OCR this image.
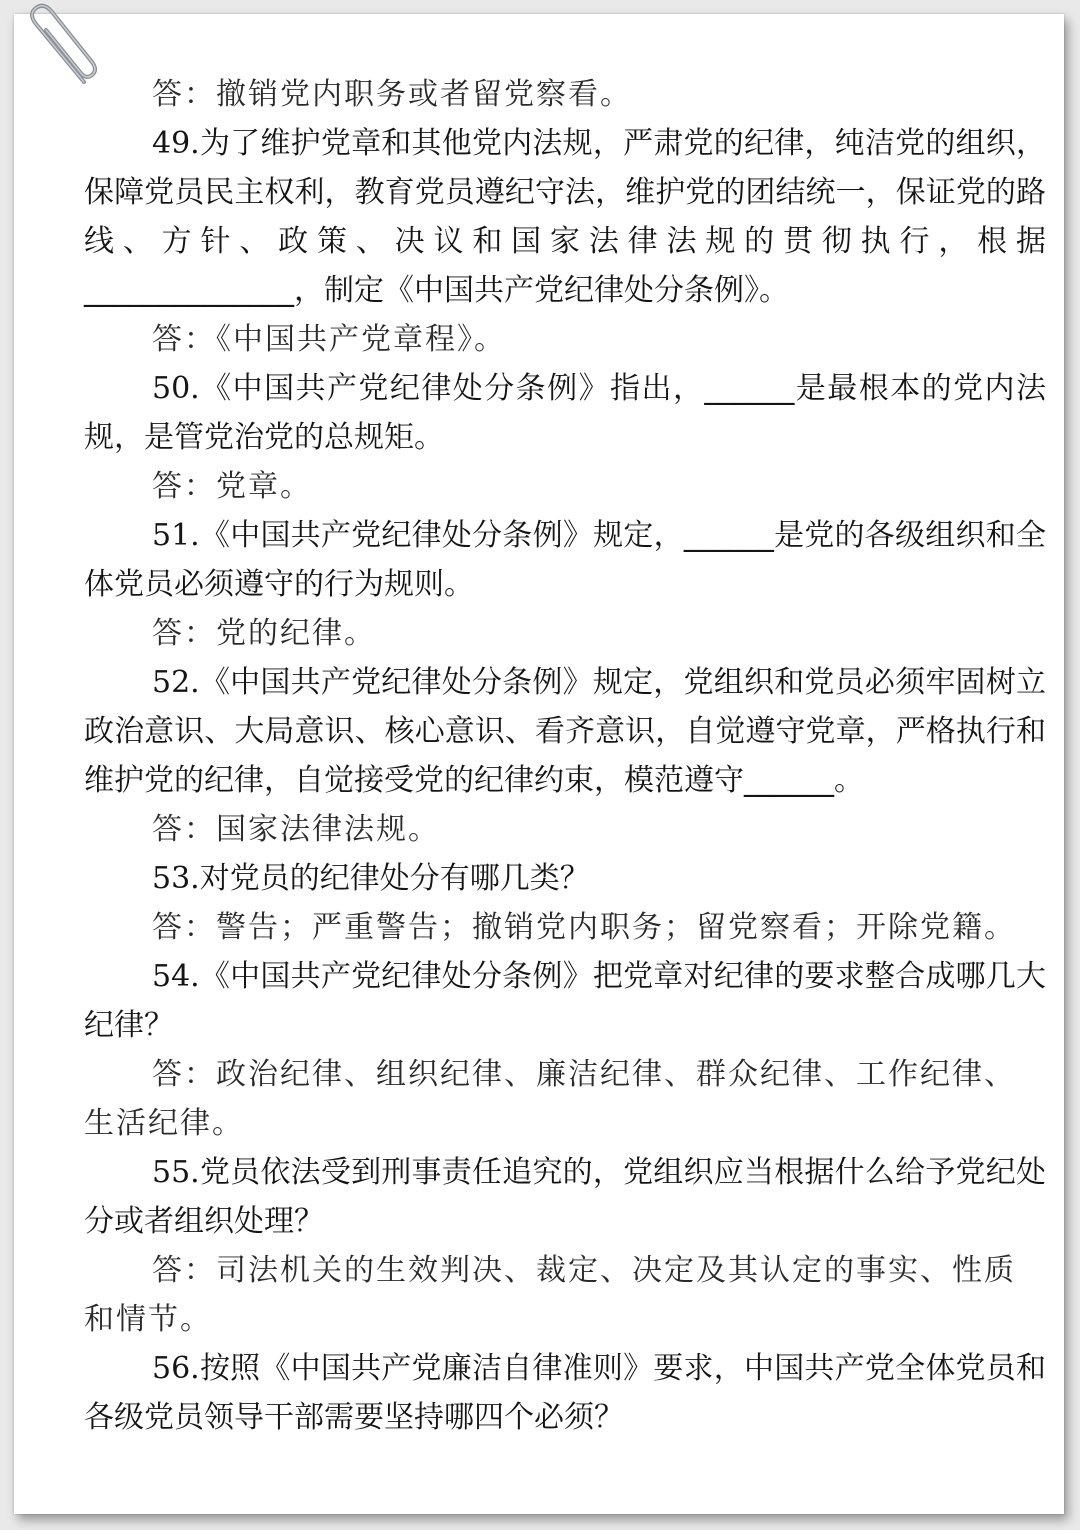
答：撤销党内职务或者留党察看。

49.为了维护党章和其他党内法规，严肃党的纪律，纯洁党的组织，保障党员民主权利，教育党员遵纪守法，维护党的团结统一，保证党的路线、方针、政策、决议和国家法律法规的贯彻执行，根据______________，制定《中国共产党纪律处分条例》。

答：《中国共产党章程》。

50.《中国共产党纪律处分条例》指出，______是最根本的党内法规，是管党治党的总规矩。

答：党章。

51.《中国共产党纪律处分条例》规定，______是党的各级组织和全体党员必须遵守的行为规则。

答：党的纪律。

52.《中国共产党纪律处分条例》规定，党组织和党员必须牢固树立政治意识、大局意识、核心意识、看齐意识，自觉遵守党章，严格执行和维护党的纪律，自觉接受党的纪律约束，模范遵守______。

答：国家法律法规。

53.对党员的纪律处分有哪几类？

答：警告；严重警告；撤销党内职务；留党察看；开除党籍。

54.《中国共产党纪律处分条例》把党章对纪律的要求整合成哪几大纪律？

答：政治纪律、组织纪律、廉洁纪律、群众纪律、工作纪律、生活纪律。

55.党员依法受到刑事责任追究的，党组织应当根据什么给予党纪处分或者组织处理？

答：司法机关的生效判决、裁定、决定及其认定的事实、性质和情节。

56.按照《中国共产党廉洁自律准则》要求，中国共产党全体党员和各级党员领导干部需要坚持哪四个必须？
